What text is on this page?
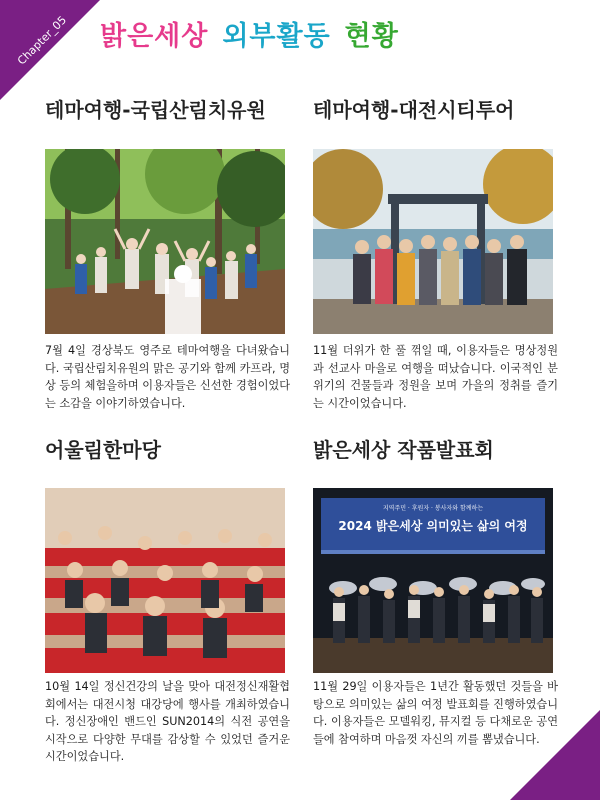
Chapter_05 밝은세상 외부활동 현황
테마여행-국립산림치유원
7월 4일 경상북도 영주로 테마여행을 다녀왔습니다. 국립산림치유원의 맑은 공기와 함께 카프라, 명상 등의 체험을하며 이용자들은 신선한 경험이었다는 소감을 이야기하였습니다.
테마여행-대전시티투어
11월 더위가 한 풀 꺾일 때, 이용자들은 명상정원과 선교사 마을로 여행을 떠났습니다. 이국적인 분위기의 건물들과 정원을 보며 가을의 정취를 즐기는 시간이었습니다.
어울림한마당
10월 14일 정신건강의 날을 맞아 대전정신재활협회에서는 대전시청 대강당에 행사를 개최하였습니다. 정신장애인 밴드인 SUN2014의 식전 공연을 시작으로 다양한 무대를 감상할 수 있었던 즐거운 시간이었습니다.
밝은세상 작품발표회
지역주민 · 후원자 · 봉사자와 함께하는
2024 밝은세상 의미있는 삶의 여정
11월 29일 이용자들은 1년간 활동했던 것들을 바탕으로 의미있는 삶의 여정 발표회를 진행하였습니다. 이용자들은 모델워킹, 뮤지컬 등 다채로운 공연들에 참여하며 마음껏 자신의 끼를 뽐냈습니다.
